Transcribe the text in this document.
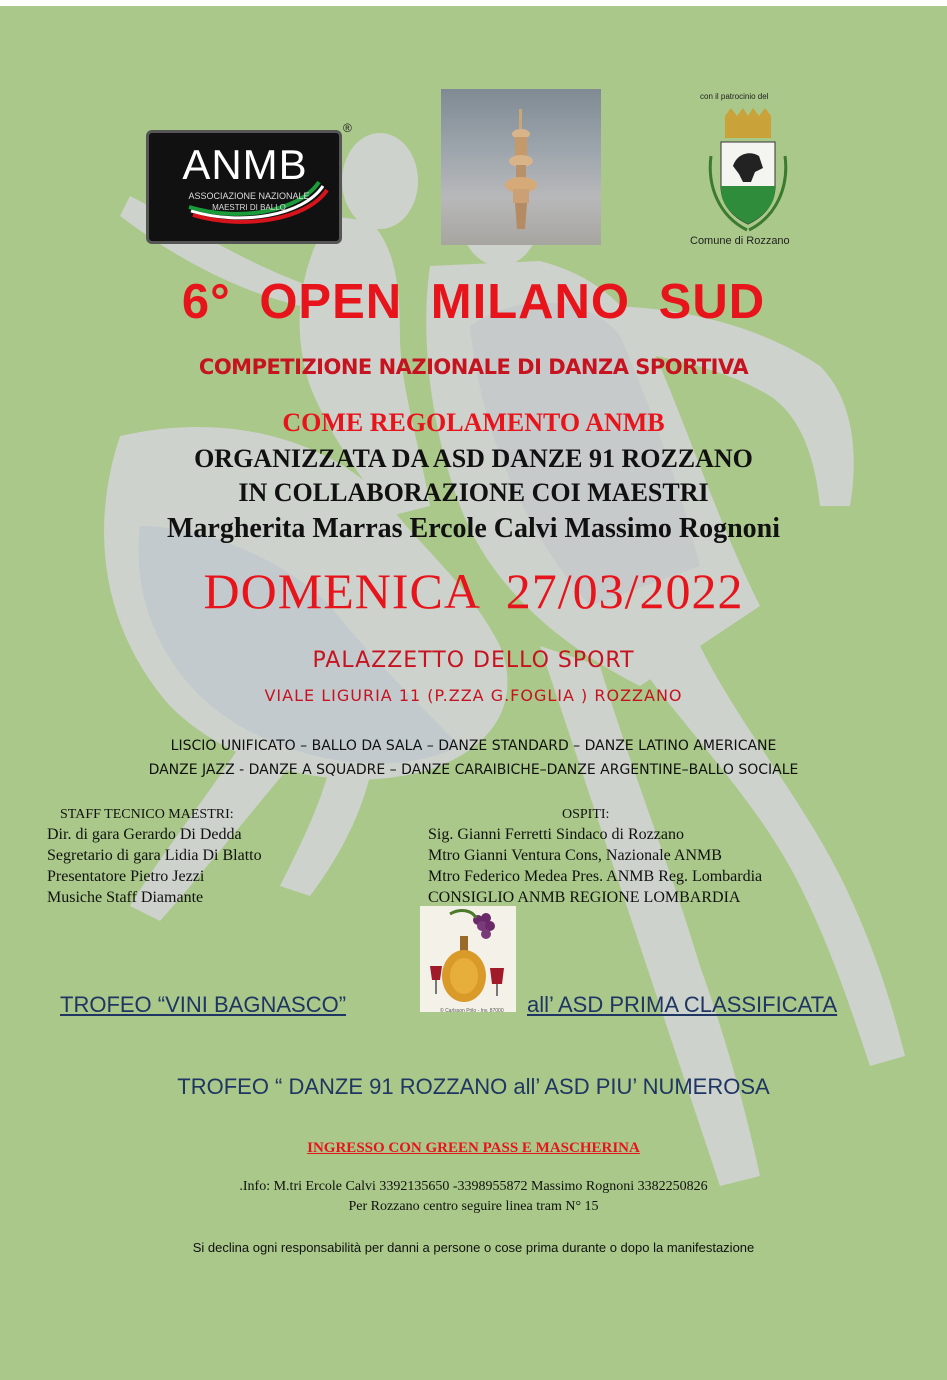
ANMB
ASSOCIAZIONE NAZIONALE
MAESTRI DI BALLO
®
con il patrocinio del
Comune di Rozzano
6° OPEN MILANO SUD
COMPETIZIONE NAZIONALE DI DANZA SPORTIVA
COME REGOLAMENTO ANMB
ORGANIZZATA DA ASD DANZE 91 ROZZANO
IN COLLABORAZIONE COI MAESTRI
Margherita Marras Ercole Calvi Massimo Rognoni
DOMENICA 27/03/2022
PALAZZETTO DELLO SPORT
VIALE LIGURIA 11 (P.ZZA G.FOGLIA ) ROZZANO
LISCIO UNIFICATO – BALLO DA SALA – DANZE STANDARD – DANZE LATINO AMERICANE
DANZE JAZZ - DANZE A SQUADRE – DANZE CARAIBICHE–DANZE ARGENTINE–BALLO SOCIALE
STAFF TECNICO MAESTRI:
Dir. di gara Gerardo Di Dedda
Segretario di gara Lidia Di Blatto
Presentatore Pietro Jezzi
Musiche Staff Diamante
OSPITI:
Sig. Gianni Ferretti Sindaco di Rozzano
Mtro Gianni Ventura Cons, Nazionale ANMB
Mtro Federico Medea Pres. ANMB Reg. Lombardia
CONSIGLIO ANMB REGIONE LOMBARDIA
© Carlsson Prilo - Inv. 87000
TROFEO “VINI BAGNASCO”	all’ ASD PRIMA CLASSIFICATA
TROFEO “ DANZE 91 ROZZANO all’ ASD PIU’ NUMEROSA
INGRESSO CON GREEN PASS E MASCHERINA
.Info: M.tri Ercole Calvi 3392135650 -3398955872 Massimo Rognoni 3382250826
Per Rozzano centro seguire linea tram N° 15
Si declina ogni responsabilità per danni a persone o cose prima durante o dopo la manifestazione
